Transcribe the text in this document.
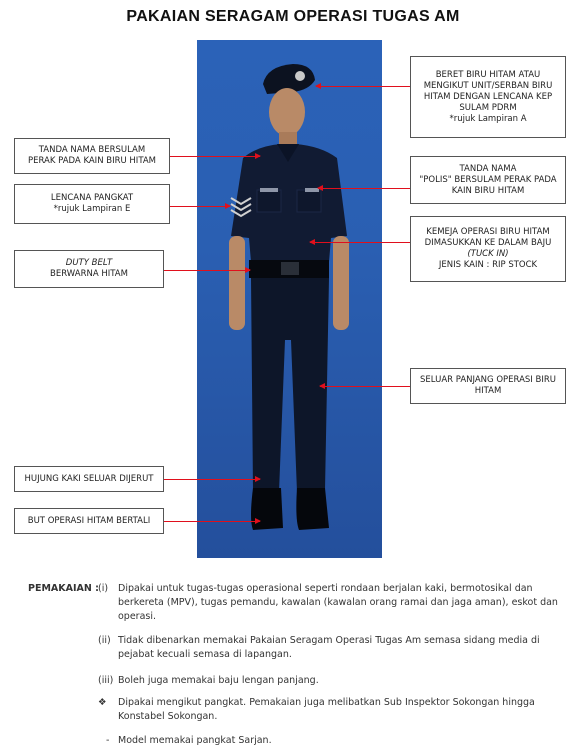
PAKAIAN SERAGAM OPERASI TUGAS AM
BERET BIRU HITAM ATAU
MENGIKUT UNIT/SERBAN BIRU
HITAM DENGAN LENCANA KEP
SULAM PDRM
*rujuk Lampiran A
TANDA NAMA BERSULAM
PERAK PADA KAIN BIRU HITAM
TANDA NAMA
"POLIS" BERSULAM PERAK PADA
KAIN BIRU HITAM
LENCANA PANGKAT
*rujuk Lampiran E
KEMEJA OPERASI BIRU HITAM
DIMASUKKAN KE DALAM BAJU
(TUCK IN)
JENIS KAIN : RIP STOCK
DUTY BELT
BERWARNA HITAM
SELUAR PANJANG OPERASI BIRU
HITAM
HUJUNG KAKI SELUAR DIJERUT
BUT OPERASI HITAM BERTALI
PEMAKAIAN : (i) Dipakai untuk tugas-tugas operasional seperti rondaan berjalan kaki, bermotosikal dan berkereta (MPV), tugas pemandu, kawalan (kawalan orang ramai dan jaga aman), eskot dan operasi.
(ii) Tidak dibenarkan memakai Pakaian Seragam Operasi Tugas Am semasa sidang media di pejabat kecuali semasa di lapangan.
(iii) Boleh juga memakai baju lengan panjang.
❖ Dipakai mengikut pangkat. Pemakaian juga melibatkan Sub Inspektor Sokongan hingga Konstabel Sokongan.
- Model memakai pangkat Sarjan.
